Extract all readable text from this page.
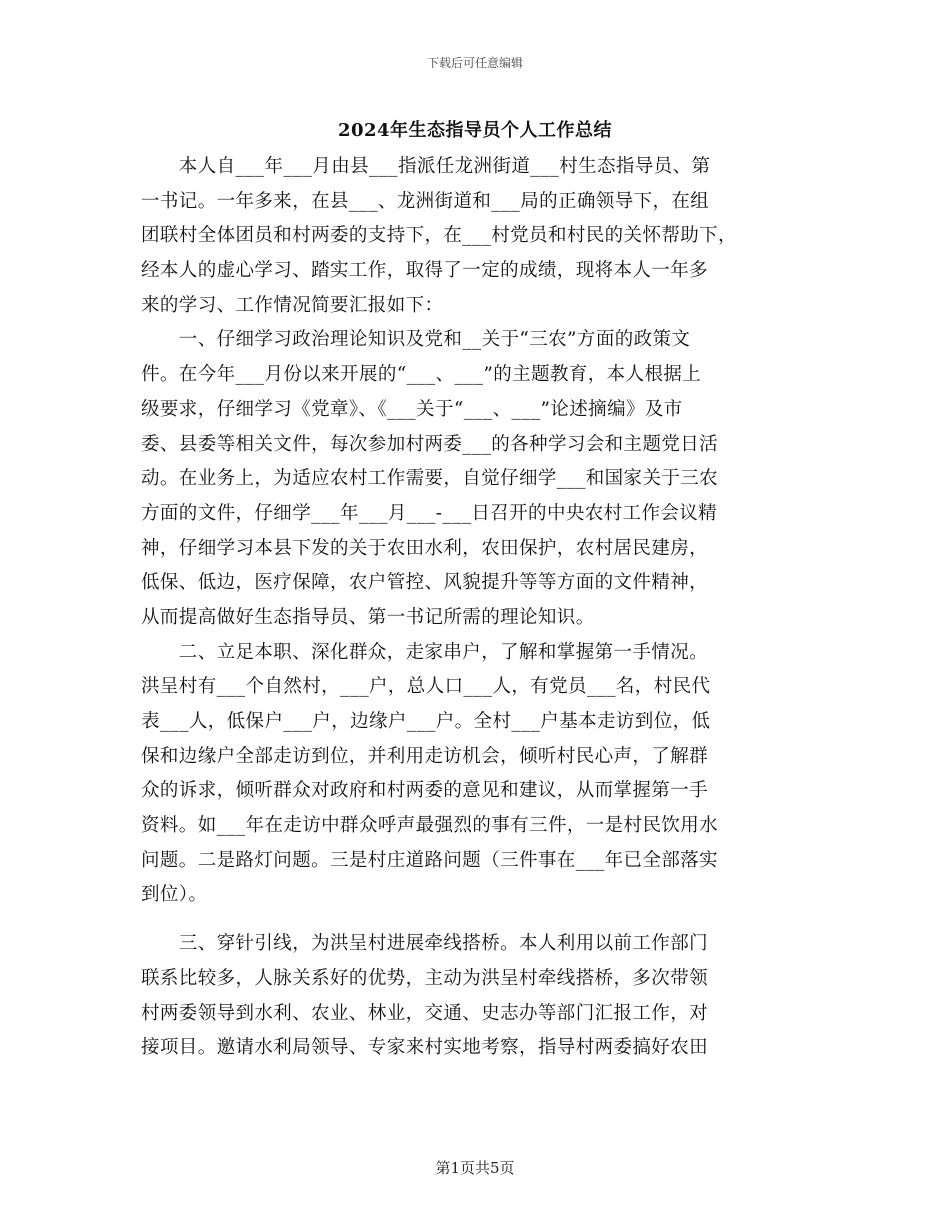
下载后可任意编辑
2024年生态指导员个人工作总结
　　本人自___年___月由县___指派任龙洲街道___村生态指导员、第
一书记。一年多来，在县___、龙洲街道和___局的正确领导下，在组
团联村全体团员和村两委的支持下，在___村党员和村民的关怀帮助下，
经本人的虚心学习、踏实工作，取得了一定的成绩，现将本人一年多
来的学习、工作情况简要汇报如下：
　　一、仔细学习政治理论知识及党和__关于“三农”方面的政策文
件。在今年___月份以来开展的“___、___”的主题教育，本人根据上
级要求，仔细学习《党章》、《___关于“___、___”论述摘编》及市
委、县委等相关文件，每次参加村两委___的各种学习会和主题党日活
动。在业务上，为适应农村工作需要，自觉仔细学___和国家关于三农
方面的文件，仔细学___年___月___-___日召开的中央农村工作会议精
神，仔细学习本县下发的关于农田水利，农田保护，农村居民建房，
低保、低边，医疗保障，农户管控、风貌提升等等方面的文件精神，
从而提高做好生态指导员、第一书记所需的理论知识。
　　二、立足本职、深化群众，走家串户，了解和掌握第一手情况。
洪呈村有___个自然村，___户，总人口___人，有党员___名，村民代
表___人，低保户___户，边缘户___户。全村___户基本走访到位，低
保和边缘户全部走访到位，并利用走访机会，倾听村民心声，了解群
众的诉求，倾听群众对政府和村两委的意见和建议，从而掌握第一手
资料。如___年在走访中群众呼声最强烈的事有三件，一是村民饮用水
问题。二是路灯问题。三是村庄道路问题（三件事在___年已全部落实
到位）。
　　三、穿针引线，为洪呈村进展牵线搭桥。本人利用以前工作部门
联系比较多，人脉关系好的优势，主动为洪呈村牵线搭桥，多次带领
村两委领导到水利、农业、林业，交通、史志办等部门汇报工作，对
接项目。邀请水利局领导、专家来村实地考察，指导村两委搞好农田
第1页共5页
